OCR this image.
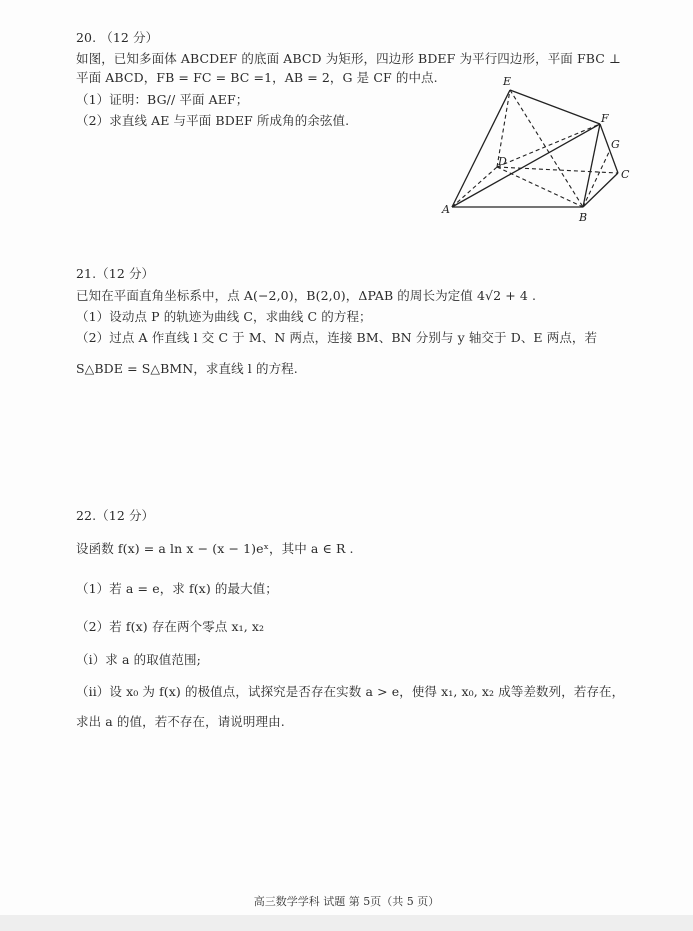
20. （12 分）
如图，已知多面体 ABCDEF 的底面 ABCD 为矩形，四边形 BDEF 为平行四边形，平面 FBC ⊥
平面 ABCD，FB = FC = BC =1，AB = 2，G 是 CF 的中点.
（1）证明：BG// 平面 AEF；
（2）求直线 AE 与平面 BDEF 所成角的余弦值.
E
F
G
C
D
A
B
21.（12 分）
已知在平面直角坐标系中，点 A(−2,0)，B(2,0)，ΔPAB 的周长为定值 4√2 + 4 .
（1）设动点 P 的轨迹为曲线 C，求曲线 C 的方程；
（2）过点 A 作直线 l 交 C 于 M、N 两点，连接 BM、BN 分别与 y 轴交于 D、E 两点，若
S△BDE = S△BMN，求直线 l 的方程.
22.（12 分）
设函数 f(x) = a ln x − (x − 1)eˣ，其中 a ∈ R .
（1）若 a = e，求 f(x) 的最大值；
（2）若 f(x) 存在两个零点 x₁, x₂
（i）求 a 的取值范围;
（ii）设 x₀ 为 f(x) 的极值点，试探究是否存在实数 a > e，使得 x₁, x₀, x₂ 成等差数列，若存在，
求出 a 的值，若不存在，请说明理由.
高三数学学科 试题 第 5页（共 5 页）
